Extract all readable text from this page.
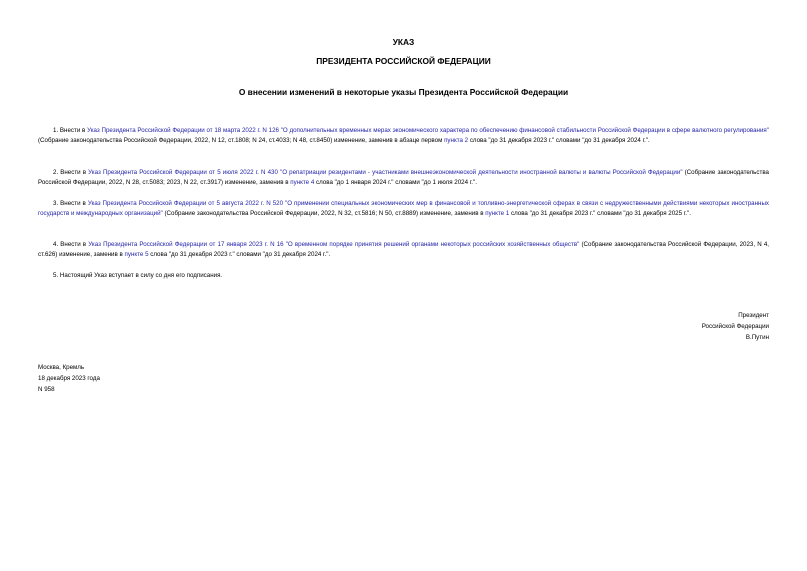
УКАЗ
ПРЕЗИДЕНТА РОССИЙСКОЙ ФЕДЕРАЦИИ
О внесении изменений в некоторые указы Президента Российской Федерации
1. Внести в Указ Президента Российской Федерации от 18 марта 2022 г. N 126 "О дополнительных временных мерах экономического характера по обеспечению финансовой стабильности Российской Федерации в сфере валютного регулирования" (Собрание законодательства Российской Федерации, 2022, N 12, ст.1808; N 24, ст.4033; N 48, ст.8450) изменение, заменив в абзаце первом пункта 2 слова "до 31 декабря 2023 г." словами "до 31 декабря 2024 г.".
2. Внести в Указ Президента Российской Федерации от 5 июля 2022 г. N 430 "О репатриации резидентами - участниками внешнеэкономической деятельности иностранной валюты и валюты Российской Федерации" (Собрание законодательства Российской Федерации, 2022, N 28, ст.5083; 2023, N 22, ст.3917) изменение, заменив в пункте 4 слова "до 1 января 2024 г." словами "до 1 июля 2024 г.".
3. Внести в Указ Президента Российской Федерации от 5 августа 2022 г. N 520 "О применении специальных экономических мер в финансовой и топливно-энергетической сферах в связи с недружественными действиями некоторых иностранных государств и международных организаций" (Собрание законодательства Российской Федерации, 2022, N 32, ст.5816; N 50, ст.8889) изменение, заменив в пункте 1 слова "до 31 декабря 2023 г." словами "до 31 декабря 2025 г.".
4. Внести в Указ Президента Российской Федерации от 17 января 2023 г. N 16 "О временном порядке принятия решений органами некоторых российских хозяйственных обществ" (Собрание законодательства Российской Федерации, 2023, N 4, ст.626) изменение, заменив в пункте 5 слова "до 31 декабря 2023 г." словами "до 31 декабря 2024 г.".
5. Настоящий Указ вступает в силу со дня его подписания.
Президент
Российской Федерации
В.Путин
Москва, Кремль
18 декабря 2023 года
N 958
